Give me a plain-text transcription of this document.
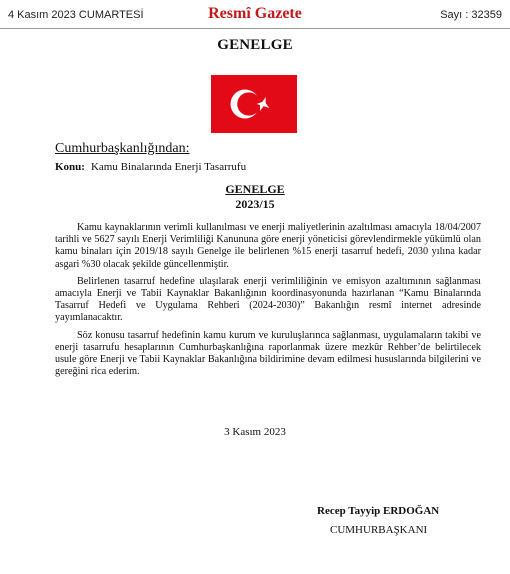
4 Kasım 2023 CUMARTESİ	Resmî Gazete	Sayı : 32359
GENELGE
Cumhurbaşkanlığından:
Konu: Kamu Binalarında Enerji Tasarrufu
GENELGE
2023/15

Kamu kaynaklarının verimli kullanılması ve enerji maliyetlerinin azaltılması amacıyla 18/04/2007 tarihli ve 5627 sayılı Enerji Verimliliği Kanununa göre enerji yöneticisi görevlendirmekle yükümlü olan kamu binaları için 2019/18 sayılı Genelge ile belirlenen %15 enerji tasarruf hedefi, 2030 yılına kadar asgari %30 olacak şekilde güncellenmiştir.

Belirlenen tasarruf hedefine ulaşılarak enerji verimliliğinin ve emisyon azaltımının sağlanması amacıyla Enerji ve Tabii Kaynaklar Bakanlığının koordinasyonunda hazırlanan “Kamu Binalarında Tasarruf Hedefi ve Uygulama Rehberi (2024-2030)” Bakanlığın resmî internet adresinde yayımlanacaktır.

Söz konusu tasarruf hedefinin kamu kurum ve kuruluşlarınca sağlanması, uygulamaların takibi ve enerji tasarrufu hesaplarının Cumhurbaşkanlığına raporlanmak üzere mezkûr Rehber’de belirtilecek usule göre Enerji ve Tabii Kaynaklar Bakanlığına bildirimine devam edilmesi hususlarında bilgilerini ve gereğini rica ederim.

3 Kasım 2023
Recep Tayyip ERDOĞAN
CUMHURBAŞKANI
